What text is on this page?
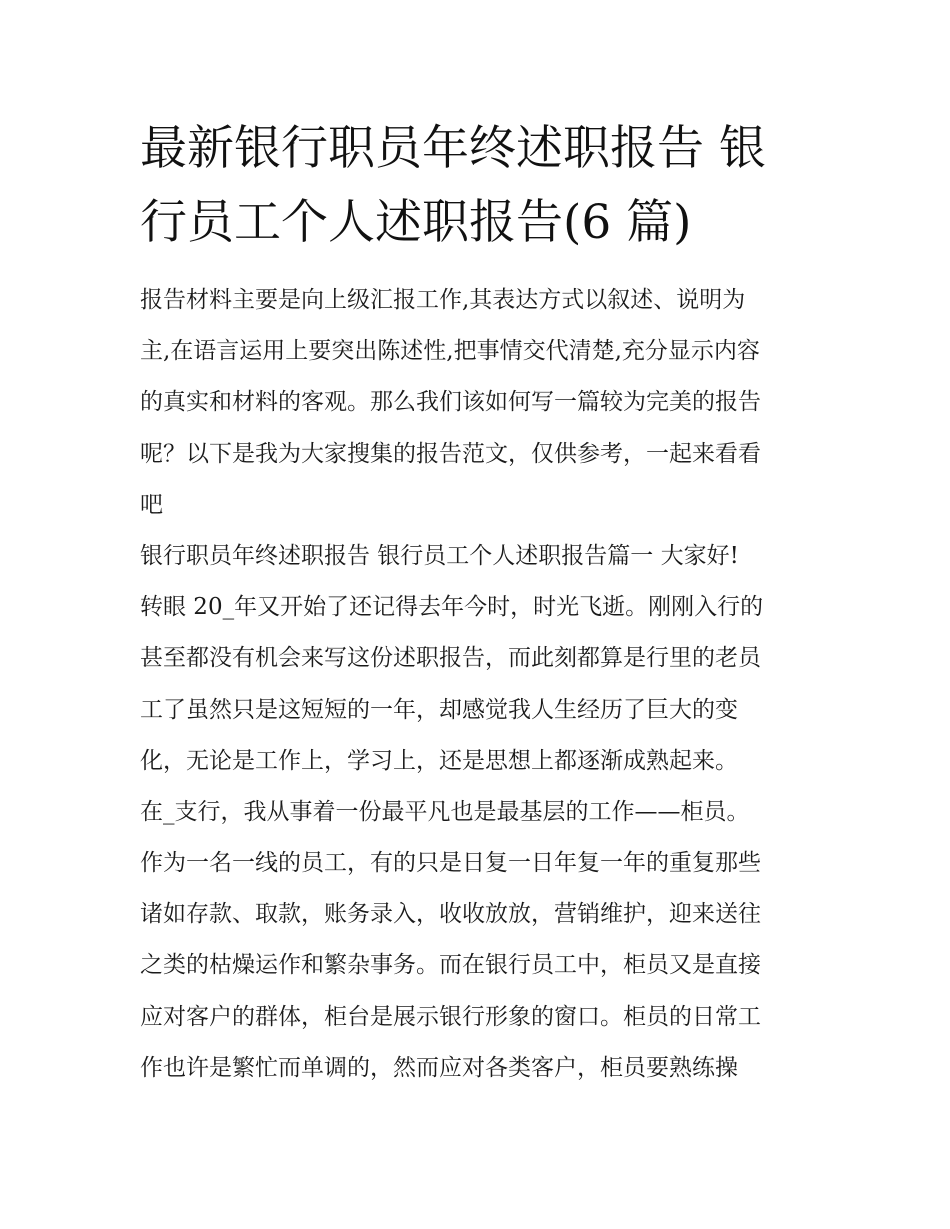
最新银行职员年终述职报告 银
行员工个人述职报告(6 篇)
报告材料主要是向上级汇报工作,其表达方式以叙述、说明为
主,在语言运用上要突出陈述性,把事情交代清楚,充分显示内容
的真实和材料的客观。那么我们该如何写一篇较为完美的报告
呢？以下是我为大家搜集的报告范文，仅供参考，一起来看看
吧
银行职员年终述职报告 银行员工个人述职报告篇一 大家好!
转眼 20_年又开始了还记得去年今时，时光飞逝。刚刚入行的
甚至都没有机会来写这份述职报告，而此刻都算是行里的老员
工了虽然只是这短短的一年，却感觉我人生经历了巨大的变
化，无论是工作上，学习上，还是思想上都逐渐成熟起来。
在_支行，我从事着一份最平凡也是最基层的工作——柜员。
作为一名一线的员工，有的只是日复一日年复一年的重复那些
诸如存款、取款，账务录入，收收放放，营销维护，迎来送往
之类的枯燥运作和繁杂事务。而在银行员工中，柜员又是直接
应对客户的群体，柜台是展示银行形象的窗口。柜员的日常工
作也许是繁忙而单调的，然而应对各类客户，柜员要熟练操
